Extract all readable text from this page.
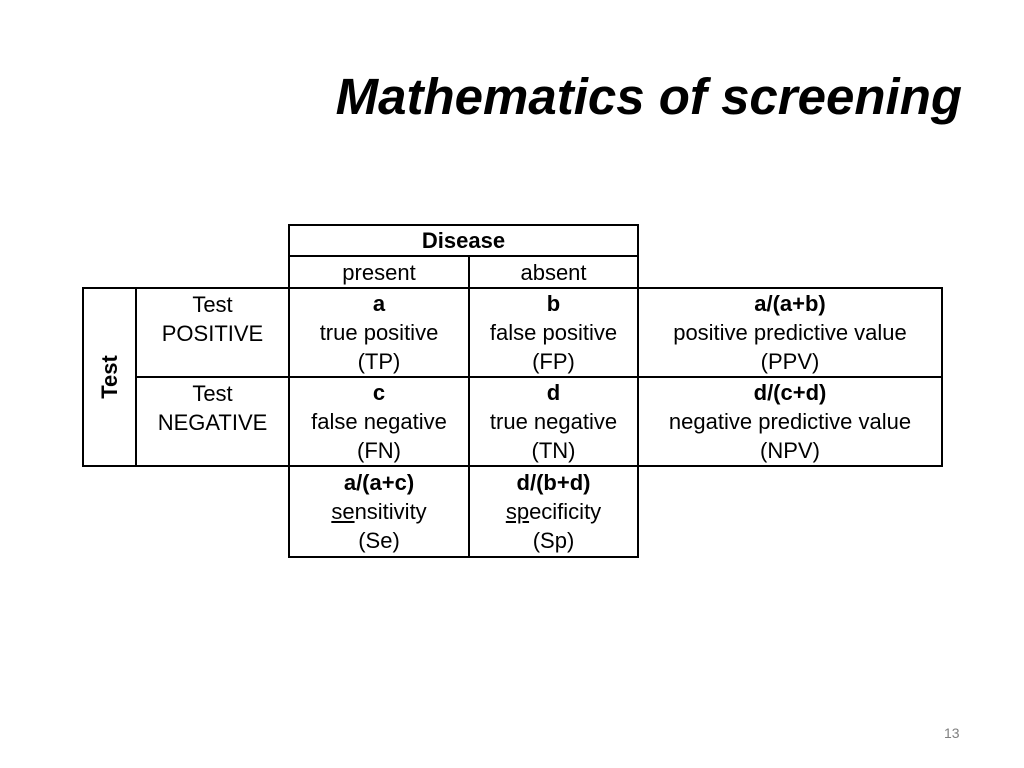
Mathematics of screening
Disease
present	absent
Test
Test
POSITIVE
Test
NEGATIVE
a
true positive
(TP)
b
false positive
(FP)
a/(a+b)
positive predictive value
(PPV)
c
false negative
(FN)
d
true negative
(TN)
d/(c+d)
negative predictive value
(NPV)
a/(a+c)
sensitivity
(Se)
d/(b+d)
specificity
(Sp)
13
